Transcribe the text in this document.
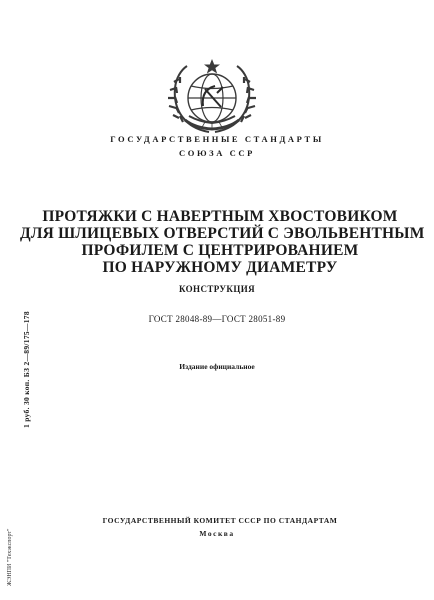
ГОСУДАРСТВЕННЫЕ СТАНДАРТЫ
СОЮЗА ССР
ПРОТЯЖКИ С НАВЕРТНЫМ ХВОСТОВИКОМ
ДЛЯ ШЛИЦЕВЫХ ОТВЕРСТИЙ С ЭВОЛЬВЕНТНЫМ
ПРОФИЛЕМ С ЦЕНТРИРОВАНИЕМ
ПО НАРУЖНОМУ ДИАМЕТРУ
КОНСТРУКЦИЯ
ГОСТ 28048-89—ГОСТ 28051-89
Издание официальное
ГОСУДАРСТВЕННЫЙ КОМИТЕТ СССР ПО СТАНДАРТАМ
Москва
1 руб. 30 коп. БЗ 2—89/175—178
ЖЭНПИ "Техэкспорт"
